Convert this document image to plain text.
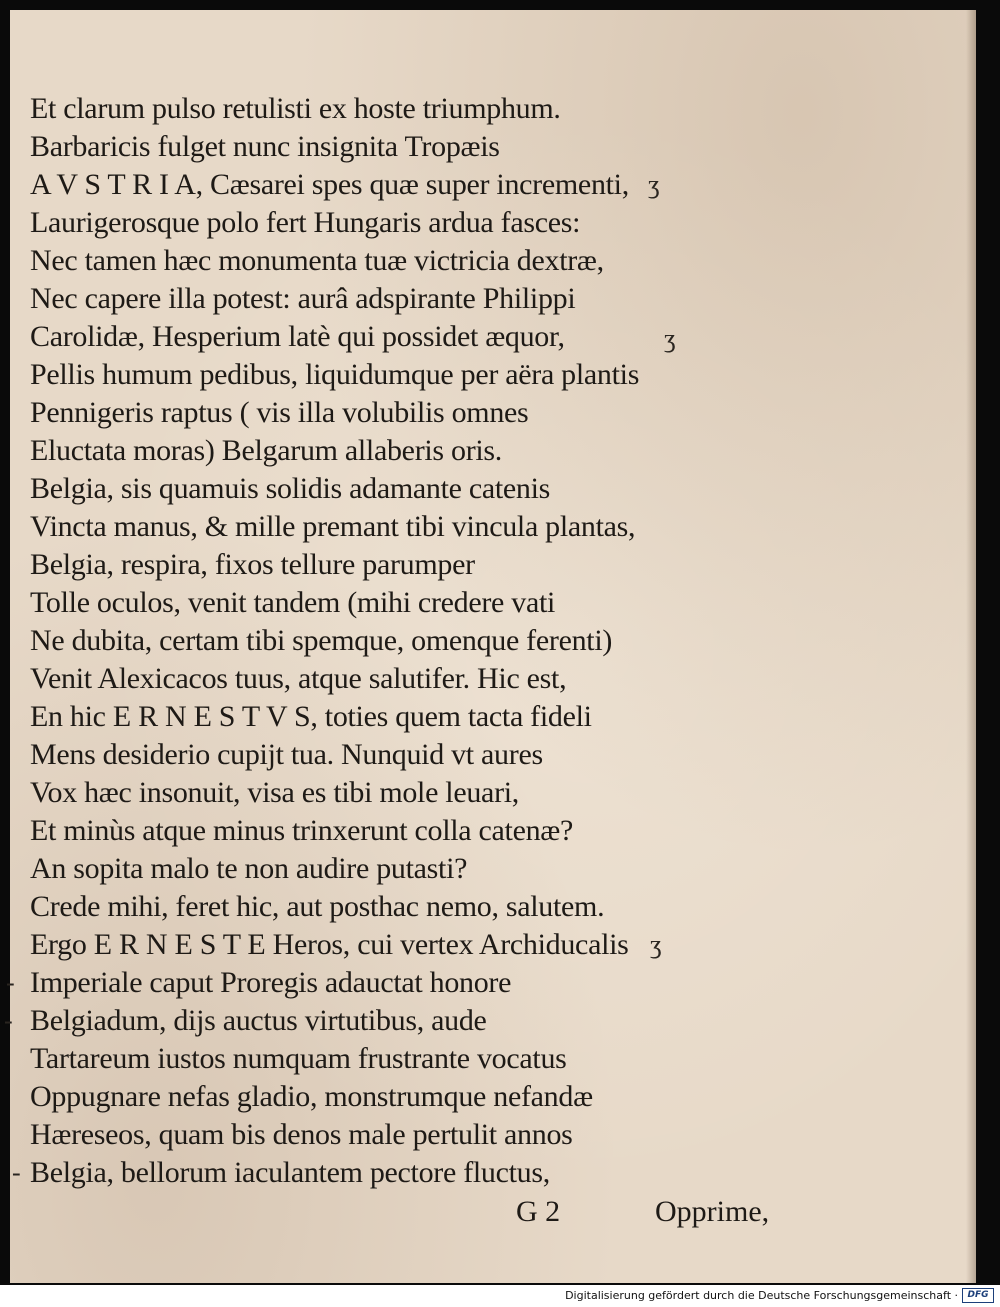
Et clarum pulso retulisti ex hoste triumphum.
Barbaricis fulget nunc insignita Tropæis
A V S T R I A, Cæsarei spes quæ super incrementi,
Laurigerosque polo fert Hungaris ardua fasces:
Nec tamen hæc monumenta tuæ victricia dextræ,
Nec capere illa potest: aurâ adspirante Philippi
Carolidæ, Hesperium latè qui possidet æquor,
Pellis humum pedibus, liquidumque per aëra plantis
Pennigeris raptus ( vis illa volubilis omnes
Eluctata moras) Belgarum allaberis oris.
Belgia, sis quamuis solidis adamante catenis
Vincta manus, & mille premant tibi vincula plantas,
Belgia, respira, fixos tellure parumper
Tolle oculos, venit tandem (mihi credere vati
Ne dubita, certam tibi spemque, omenque ferenti)
Venit Alexicacos tuus, atque salutifer. Hic est,
En hic E R N E S T V S, toties quem tacta fideli
Mens desiderio cupijt tua. Nunquid vt aures
Vox hæc insonuit, visa es tibi mole leuari,
Et minùs atque minus trinxerunt colla catenæ?
An sopita malo te non audire putasti?
Crede mihi, feret hic, aut posthac nemo, salutem.
Ergo E R N E S T E Heros, cui vertex Archiducalis
Imperiale caput Proregis adauctat honore
Belgiadum, dijs auctus virtutibus, aude
Tartareum iustos numquam frustrante vocatus
Oppugnare nefas gladio, monstrumque nefandæ
Hæreseos, quam bis denos male pertulit annos
Belgia, bellorum iaculantem pectore fluctus,
ʒ
ʒ
ʒ
-
-
-
G 2	Opprime,
Digitalisierung gefördert durch die Deutsche Forschungsgemeinschaft ·	DFG
